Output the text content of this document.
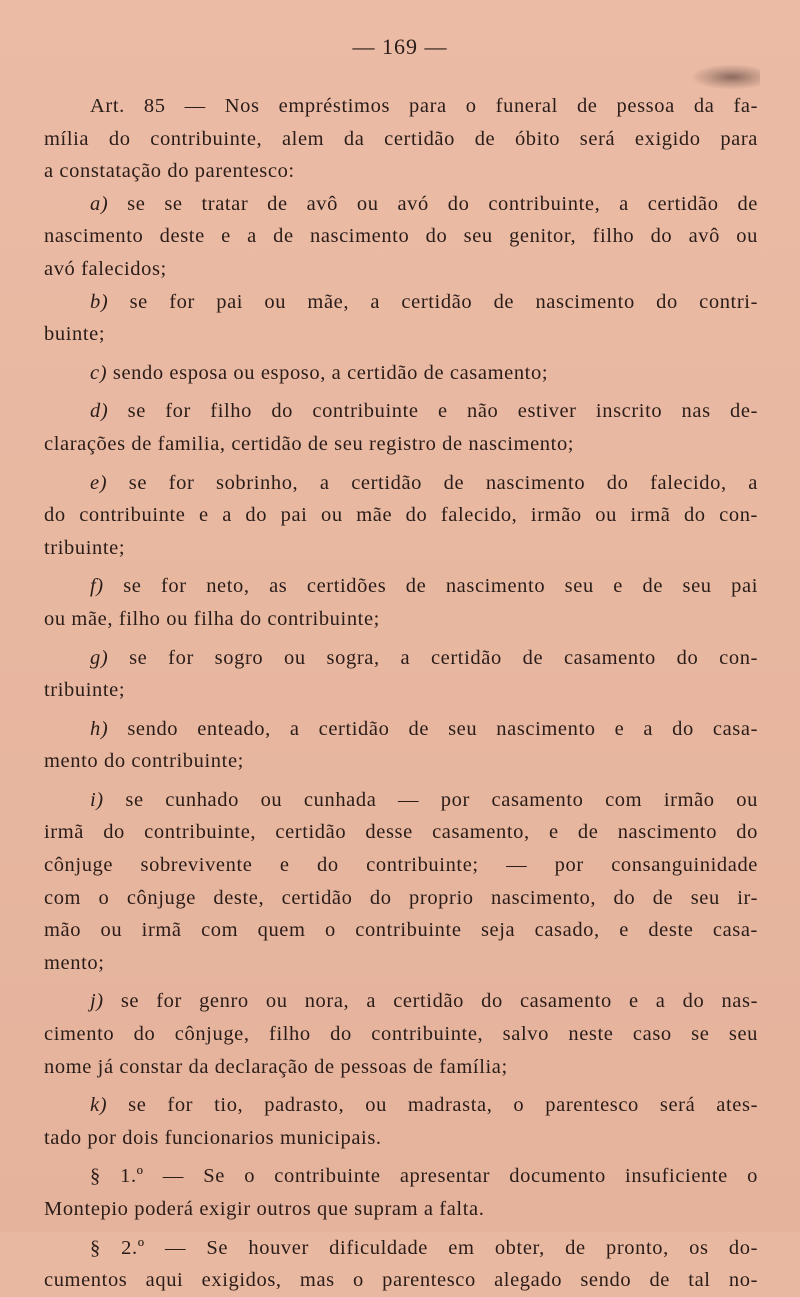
— 169 —
Art. 85 — Nos empréstimos para o funeral de pessoa da fa-
mília do contribuinte, alem da certidão de óbito será exigido para
a constatação do parentesco:
a) se se tratar de avô ou avó do contribuinte, a certidão de
nascimento deste e a de nascimento do seu genitor, filho do avô ou
avó falecidos;
b) se for pai ou mãe, a certidão de nascimento do contri-
buinte;
c) sendo esposa ou esposo, a certidão de casamento;
d) se for filho do contribuinte e não estiver inscrito nas de-
clarações de familia, certidão de seu registro de nascimento;
e) se for sobrinho, a certidão de nascimento do falecido, a
do contribuinte e a do pai ou mãe do falecido, irmão ou irmã do con-
tribuinte;
f) se for neto, as certidões de nascimento seu e de seu pai
ou mãe, filho ou filha do contribuinte;
g) se for sogro ou sogra, a certidão de casamento do con-
tribuinte;
h) sendo enteado, a certidão de seu nascimento e a do casa-
mento do contribuinte;
i) se cunhado ou cunhada — por casamento com irmão ou
irmã do contribuinte, certidão desse casamento, e de nascimento do
cônjuge sobrevivente e do contribuinte; — por consanguinidade
com o cônjuge deste, certidão do proprio nascimento, do de seu ir-
mão ou irmã com quem o contribuinte seja casado, e deste casa-
mento;
j) se for genro ou nora, a certidão do casamento e a do nas-
cimento do cônjuge, filho do contribuinte, salvo neste caso se seu
nome já constar da declaração de pessoas de família;
k) se for tio, padrasto, ou madrasta, o parentesco será ates-
tado por dois funcionarios municipais.
§ 1.º — Se o contribuinte apresentar documento insuficiente o
Montepio poderá exigir outros que supram a falta.
§ 2.º — Se houver dificuldade em obter, de pronto, os do-
cumentos aqui exigidos, mas o parentesco alegado sendo de tal no-
